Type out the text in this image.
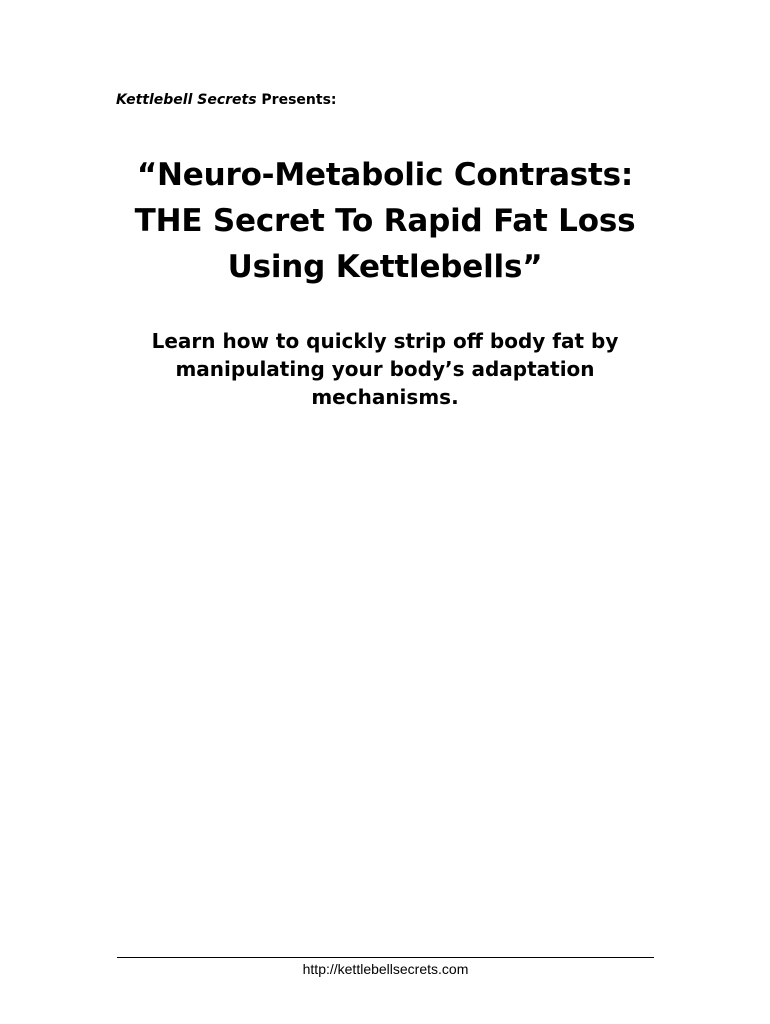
Kettlebell Secrets Presents:
“Neuro-Metabolic Contrasts:
THE Secret To Rapid Fat Loss
Using Kettlebells”
Learn how to quickly strip off body fat by
manipulating your body’s adaptation
mechanisms.
http://kettlebellsecrets.com
